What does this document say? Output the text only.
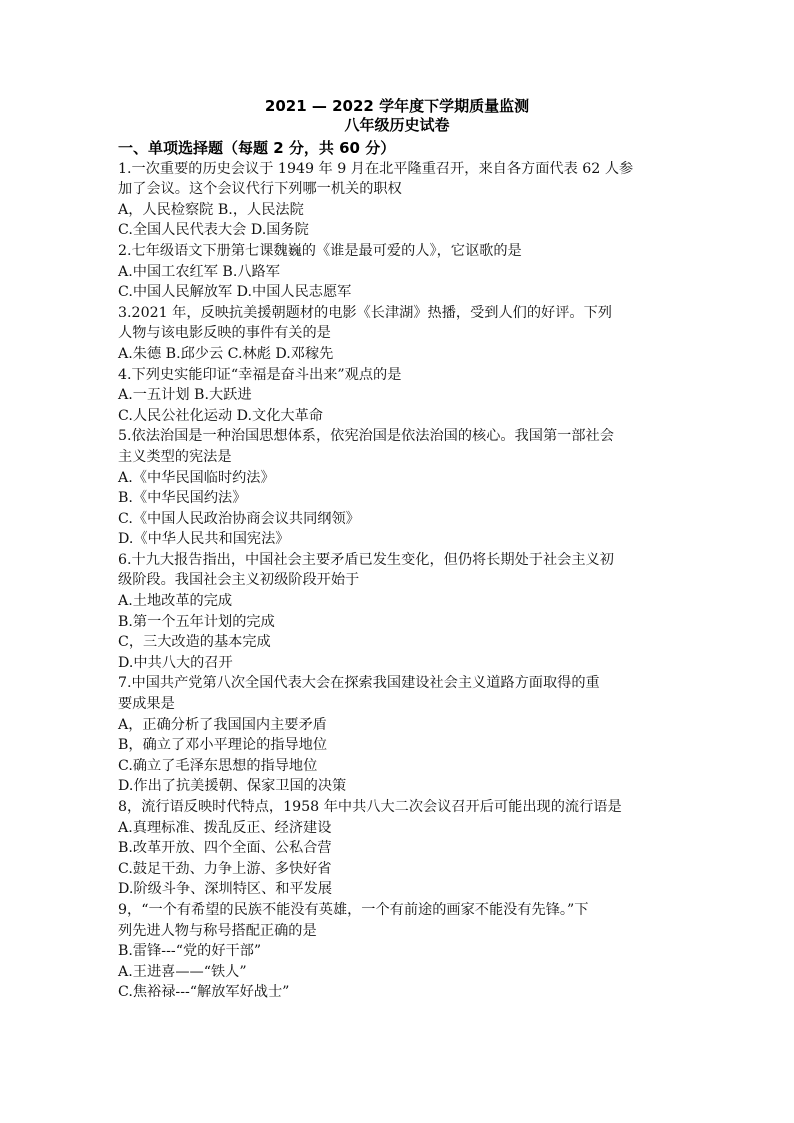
2021 — 2022 学年度下学期质量监测
八年级历史试卷
一、单项选择题（每题 2 分，共 60 分）
1.一次重要的历史会议于 1949 年 9 月在北平隆重召开，来自各方面代表 62 人参
加了会议。这个会议代行下列哪一机关的职权
A，人民检察院 B.，人民法院
C.全国人民代表大会 D.国务院
2.七年级语文下册第七课魏巍的《谁是最可爱的人》，它讴歌的是
A.中国工农红军 B.八路军
C.中国人民解放军 D.中国人民志愿军
3.2021 年，反映抗美援朝题材的电影《长津湖》热播，受到人们的好评。下列
人物与该电影反映的事件有关的是
A.朱德 B.邱少云 C.林彪 D.邓稼先
4.下列史实能印证“幸福是奋斗出来”观点的是
A.一五计划 B.大跃进
C.人民公社化运动 D.文化大革命
5.依法治国是一种治国思想体系，依宪治国是依法治国的核心。我国第一部社会
主义类型的宪法是
A.《中华民国临时约法》
B.《中华民国约法》
C.《中国人民政治协商会议共同纲领》
D.《中华人民共和国宪法》
6.十九大报告指出，中国社会主要矛盾已发生变化，但仍将长期处于社会主义初
级阶段。我国社会主义初级阶段开始于
A.土地改革的完成
B.第一个五年计划的完成
C，三大改造的基本完成
D.中共八大的召开
7.中国共产党第八次全国代表大会在探索我国建设社会主义道路方面取得的重
要成果是
A，正确分析了我国国内主要矛盾
B，确立了邓小平理论的指导地位
C.确立了毛泽东思想的指导地位
D.作出了抗美援朝、保家卫国的决策
8，流行语反映时代特点，1958 年中共八大二次会议召开后可能出现的流行语是
A.真理标准、拨乱反正、经济建设
B.改革开放、四个全面、公私合营
C.鼓足干劲、力争上游、多快好省
D.阶级斗争、深圳特区、和平发展
9，“一个有希望的民族不能没有英雄，一个有前途的画家不能没有先锋。”下
列先进人物与称号搭配正确的是
B.雷锋---“党的好干部”
A.王进喜——“铁人”
C.焦裕禄---“解放军好战士”
